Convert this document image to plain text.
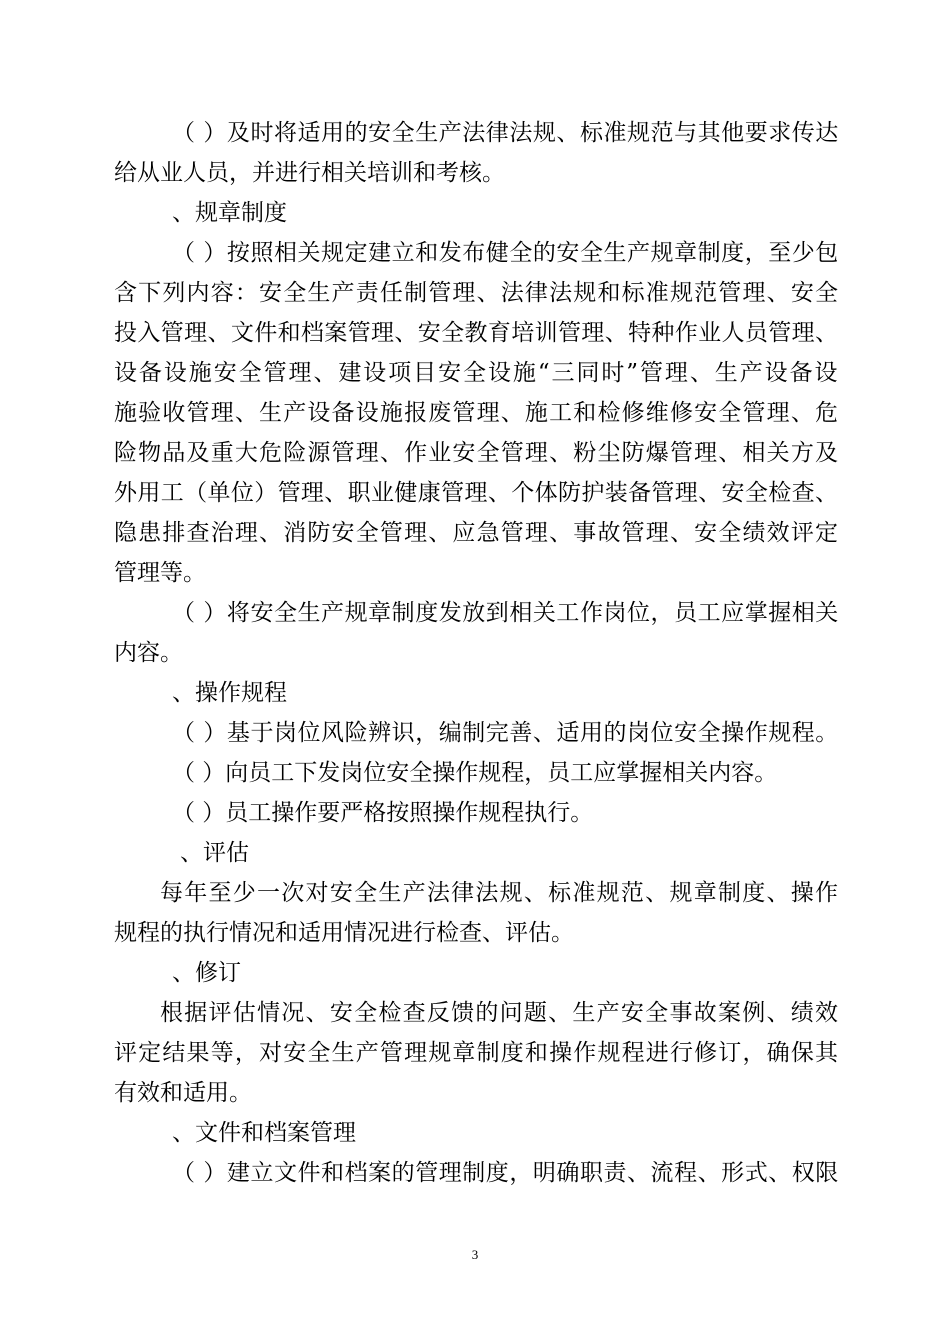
（ ）及时将适用的安全生产法律法规、标准规范与其他要求传达
给从业人员，并进行相关培训和考核。
、规章制度
（ ）按照相关规定建立和发布健全的安全生产规章制度，至少包
含下列内容：安全生产责任制管理、法律法规和标准规范管理、安全
投入管理、文件和档案管理、安全教育培训管理、特种作业人员管理、
设备设施安全管理、建设项目安全设施“三同时”管理、生产设备设
施验收管理、生产设备设施报废管理、施工和检修维修安全管理、危
险物品及重大危险源管理、作业安全管理、粉尘防爆管理、相关方及
外用工（单位）管理、职业健康管理、个体防护装备管理、安全检查、
隐患排查治理、消防安全管理、应急管理、事故管理、安全绩效评定
管理等。
（ ）将安全生产规章制度发放到相关工作岗位，员工应掌握相关
内容。
、操作规程
（ ）基于岗位风险辨识，编制完善、适用的岗位安全操作规程。
（ ）向员工下发岗位安全操作规程，员工应掌握相关内容。
（ ）员工操作要严格按照操作规程执行。
、评估
每年至少一次对安全生产法律法规、标准规范、规章制度、操作
规程的执行情况和适用情况进行检查、评估。
、修订
根据评估情况、安全检查反馈的问题、生产安全事故案例、绩效
评定结果等，对安全生产管理规章制度和操作规程进行修订，确保其
有效和适用。
、文件和档案管理
（ ）建立文件和档案的管理制度，明确职责、流程、形式、权限
3
